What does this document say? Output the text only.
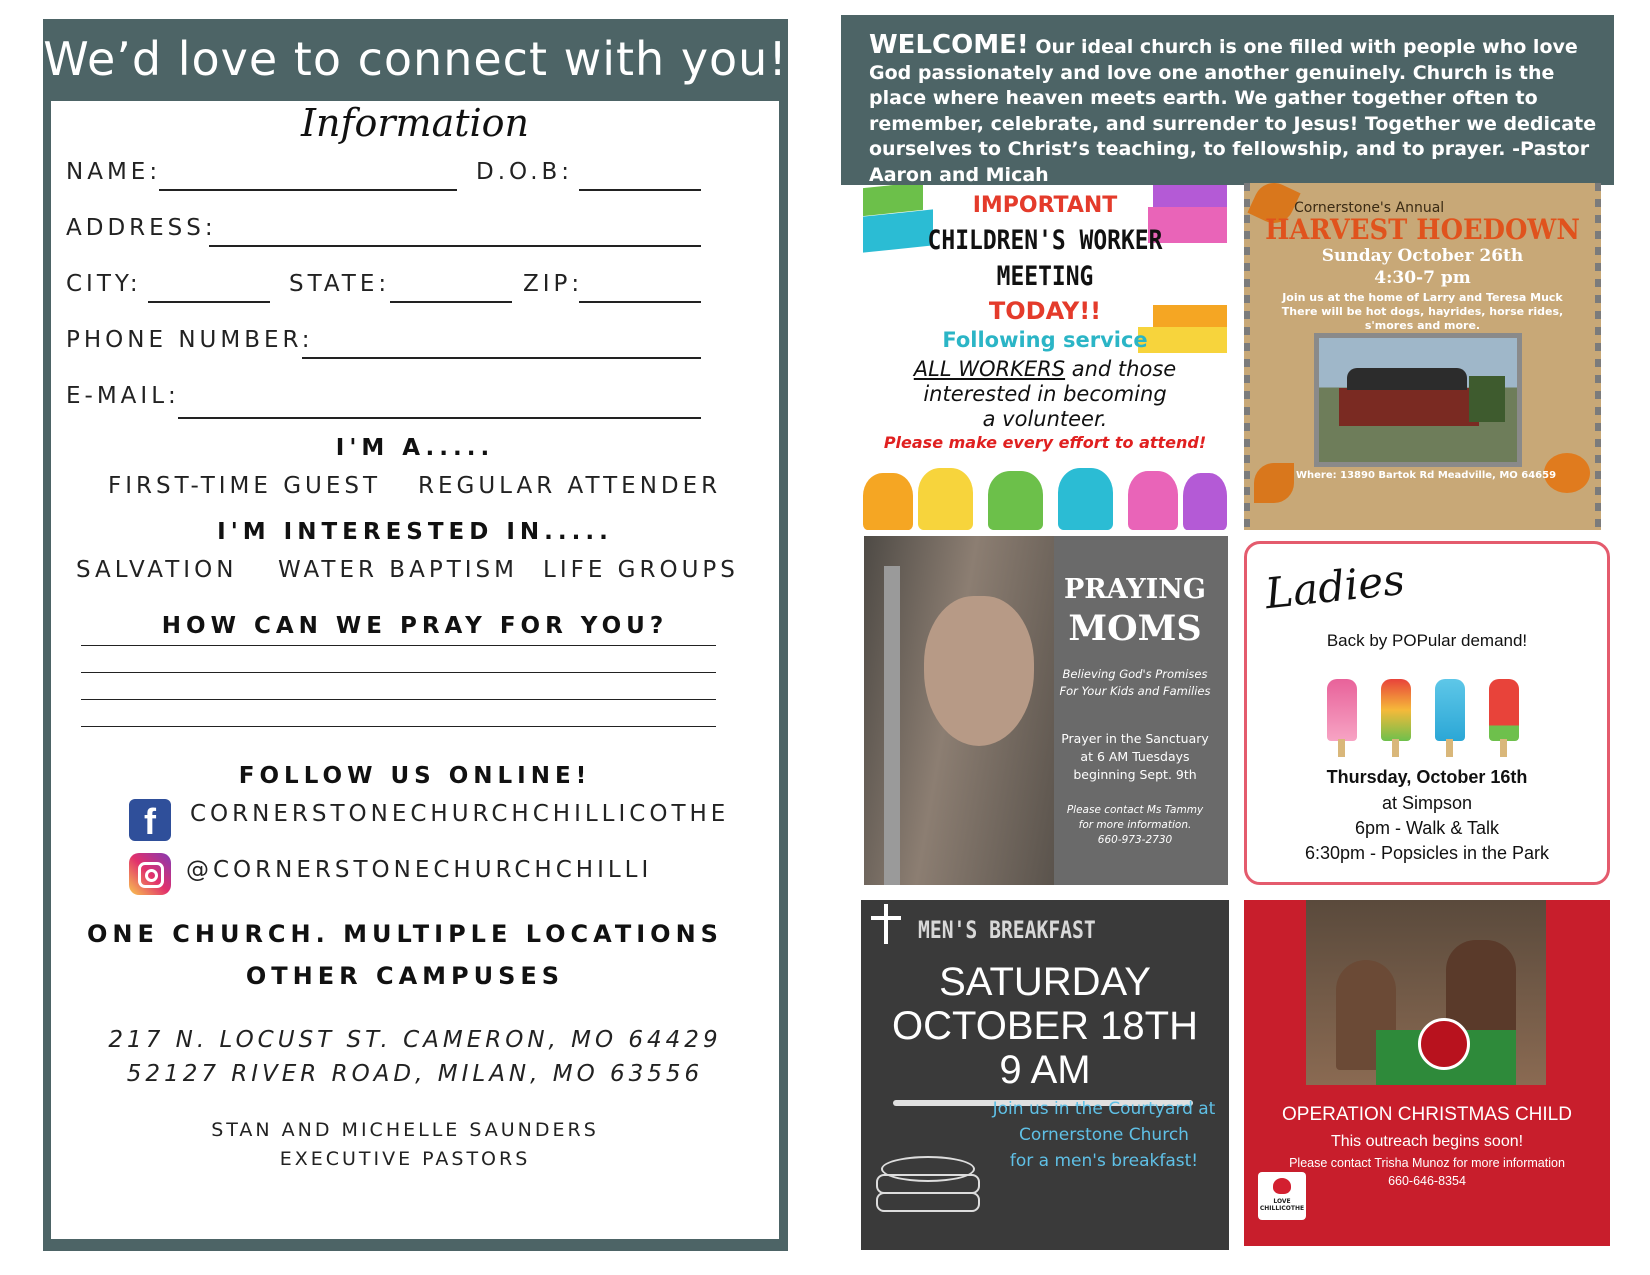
We’d love to connect with you!
Information
NAME:	D.O.B:
ADDRESS:
CITY:	STATE:	ZIP:
PHONE NUMBER:
E-MAIL:
I'M A.....
FIRST-TIME GUEST REGULAR ATTENDER
I'M INTERESTED IN.....
SALVATION WATER BAPTISM LIFE GROUPS
HOW CAN WE PRAY FOR YOU?
FOLLOW US ONLINE!
f	CORNERSTONECHURCHCHILLICOTHE
@CORNERSTONECHURCHCHILLI
ONE CHURCH. MULTIPLE LOCATIONS
OTHER CAMPUSES
217 N. LOCUST ST. CAMERON, MO 64429
52127 RIVER ROAD, MILAN, MO 63556
STAN AND MICHELLE SAUNDERS
EXECUTIVE PASTORS
WELCOME! Our ideal church is one filled with people who love God passionately and love one another genuinely. Church is the place where heaven meets earth. We gather together often to remember, celebrate, and surrender to Jesus! Together we dedicate ourselves to Christ’s teaching, to fellowship, and to prayer. -Pastor Aaron and Micah
IMPORTANT
CHILDREN'S WORKER
MEETING
TODAY!!
Following service
ALL WORKERS and those
interested in becoming
a volunteer.
Please make every effort to attend!
Cornerstone's Annual
HARVEST HOEDOWN
Sunday October 26th
4:30-7 pm
Join us at the home of Larry and Teresa Muck
There will be hot dogs, hayrides, horse rides,
s'mores and more.
Where: 13890 Bartok Rd Meadville, MO 64659
PRAYING
MOMS
Believing God's Promises
For Your Kids and Families
Prayer in the Sanctuary
at 6 AM Tuesdays
beginning Sept. 9th
Please contact Ms Tammy
for more information.
660-973-2730
Ladies
Back by POPular demand!
Thursday, October 16th
at Simpson
6pm - Walk & Talk
6:30pm - Popsicles in the Park
MEN'S BREAKFAST
SATURDAY
OCTOBER 18TH
9 AM
Join us in the Courtyard at
Cornerstone Church
for a men's breakfast!
OPERATION CHRISTMAS CHILD
This outreach begins soon!
Please contact Trisha Munoz for more information
660-646-8354
LOVE CHILLICOTHE
